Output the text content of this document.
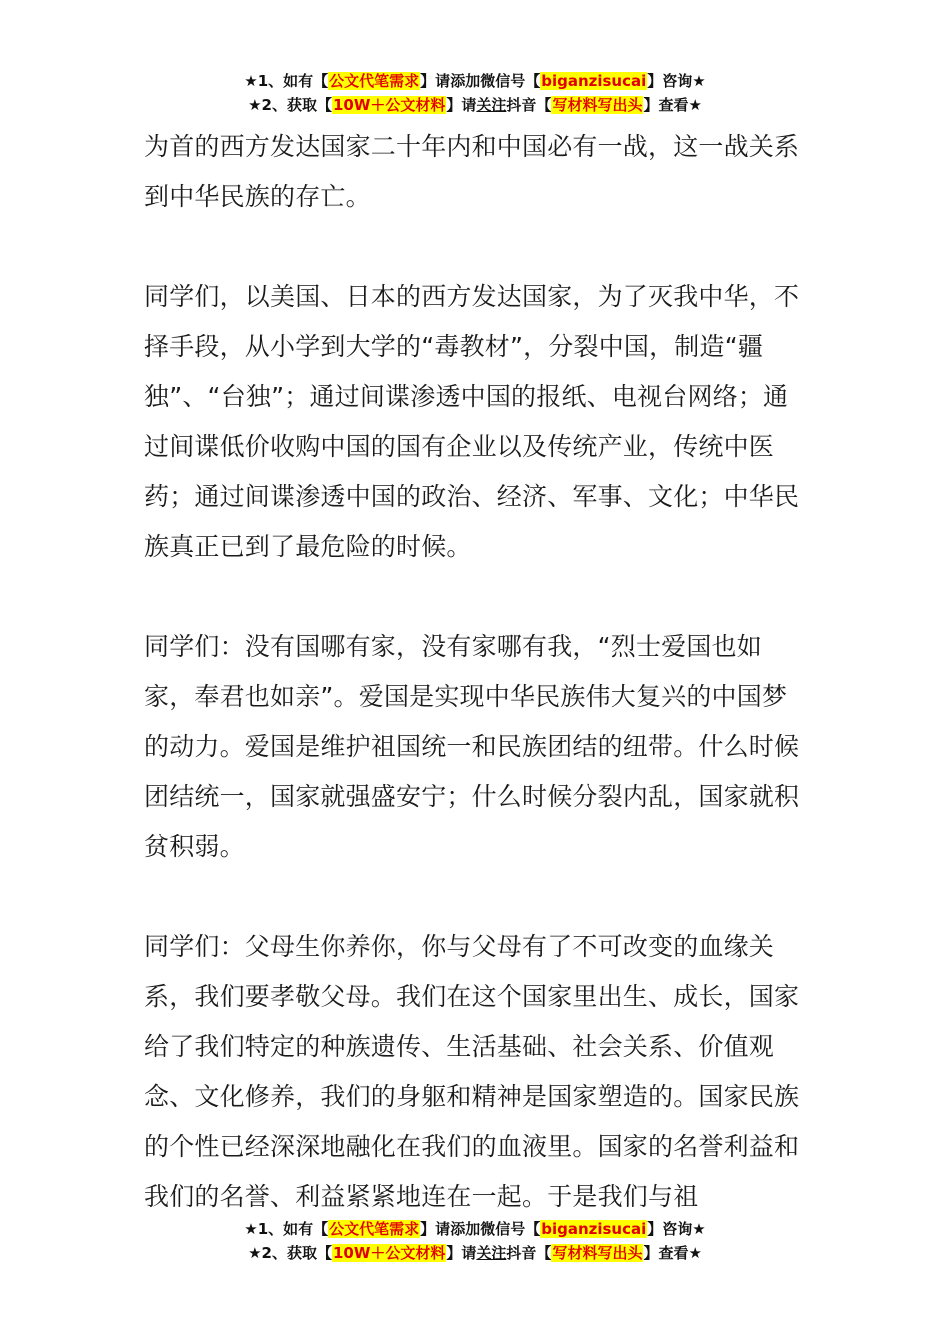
★1、如有【公文代笔需求】请添加微信号【biganzisucai】咨询★
★2、获取【10W＋公文材料】请关注抖音【写材料写出头】查看★

为首的西方发达国家二十年内和中国必有一战，这一战关系到中华民族的存亡。

同学们，以美国、日本的西方发达国家，为了灭我中华，不择手段，从小学到大学的“毒教材”，分裂中国，制造“疆独”、“台独”；通过间谍渗透中国的报纸、电视台网络；通过间谍低价收购中国的国有企业以及传统产业，传统中医药；通过间谍渗透中国的政治、经济、军事、文化；中华民族真正已到了最危险的时候。

同学们：没有国哪有家，没有家哪有我，“烈士爱国也如家，奉君也如亲”。爱国是实现中华民族伟大复兴的中国梦的动力。爱国是维护祖国统一和民族团结的纽带。什么时候团结统一，国家就强盛安宁；什么时候分裂内乱，国家就积贫积弱。

同学们：父母生你养你，你与父母有了不可改变的血缘关系，我们要孝敬父母。我们在这个国家里出生、成长，国家给了我们特定的种族遗传、生活基础、社会关系、价值观念、文化修养，我们的身躯和精神是国家塑造的。国家民族的个性已经深深地融化在我们的血液里。国家的名誉利益和我们的名誉、利益紧紧地连在一起。于是我们与祖

★1、如有【公文代笔需求】请添加微信号【biganzisucai】咨询★
★2、获取【10W＋公文材料】请关注抖音【写材料写出头】查看★
